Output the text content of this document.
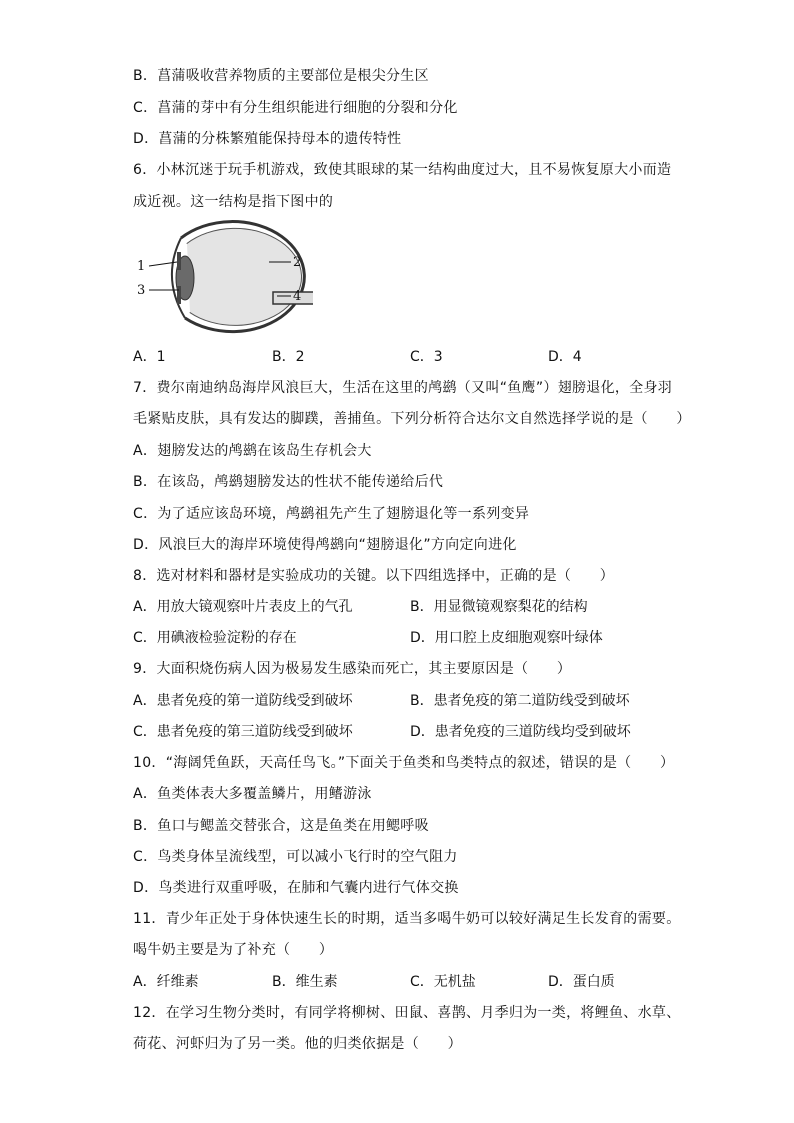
B．菖蒲吸收营养物质的主要部位是根尖分生区
C．菖蒲的芽中有分生组织能进行细胞的分裂和分化
D．菖蒲的分株繁殖能保持母本的遗传特性
6．小林沉迷于玩手机游戏，致使其眼球的某一结构曲度过大，且不易恢复原大小而造
成近视。这一结构是指下图中的
1
3
2
4
A．1	B．2	C．3	D．4
7．费尔南迪纳岛海岸风浪巨大，生活在这里的鸬鹚（又叫“鱼鹰”）翅膀退化，全身羽
毛紧贴皮肤，具有发达的脚蹼，善捕鱼。下列分析符合达尔文自然选择学说的是（　　）
A．翅膀发达的鸬鹚在该岛生存机会大
B．在该岛，鸬鹚翅膀发达的性状不能传递给后代
C．为了适应该岛环境，鸬鹚祖先产生了翅膀退化等一系列变异
D．风浪巨大的海岸环境使得鸬鹚向“翅膀退化”方向定向进化
8．选对材料和器材是实验成功的关键。以下四组选择中，正确的是（　　）
A．用放大镜观察叶片表皮上的气孔	B．用显微镜观察梨花的结构
C．用碘液检验淀粉的存在	D．用口腔上皮细胞观察叶绿体
9．大面积烧伤病人因为极易发生感染而死亡，其主要原因是（　　）
A．患者免疫的第一道防线受到破坏	B．患者免疫的第二道防线受到破坏
C．患者免疫的第三道防线受到破坏	D．患者免疫的三道防线均受到破坏
10．“海阔凭鱼跃，天高任鸟飞。”下面关于鱼类和鸟类特点的叙述，错误的是（　　）
A．鱼类体表大多覆盖鳞片，用鳍游泳
B．鱼口与鳃盖交替张合，这是鱼类在用鳃呼吸
C．鸟类身体呈流线型，可以减小飞行时的空气阻力
D．鸟类进行双重呼吸，在肺和气囊内进行气体交换
11．青少年正处于身体快速生长的时期，适当多喝牛奶可以较好满足生长发育的需要。
喝牛奶主要是为了补充（　　）
A．纤维素	B．维生素	C．无机盐	D．蛋白质
12．在学习生物分类时，有同学将柳树、田鼠、喜鹊、月季归为一类，将鲤鱼、水草、
荷花、河虾归为了另一类。他的归类依据是（　　）
